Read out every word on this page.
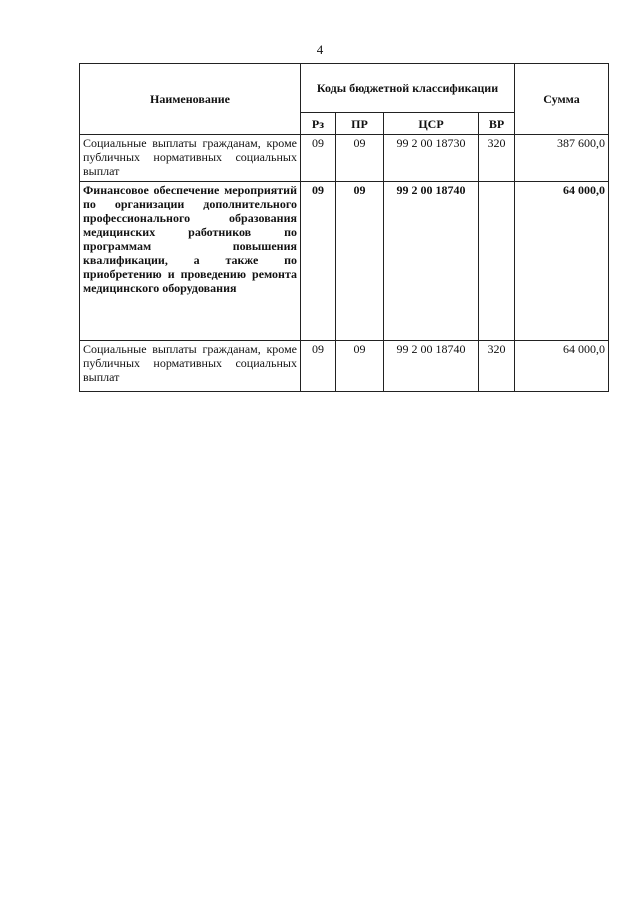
4
Наименование	Коды бюджетной классификации				Сумма
	Рз	ПР	ЦСР	ВР	
Социальные выплаты гражданам, кроме публичных нормативных социальных выплат	09	09	99 2 00 18730	320	387 600,0
Финансовое обеспечение мероприятий по организации дополнительного профессионального образования медицинских работников по программам повышения квалификации, а также по приобретению и проведению ремонта медицинского оборудования	09	09	99 2 00 18740		64 000,0
Социальные выплаты гражданам, кроме публичных нормативных социальных выплат	09	09	99 2 00 18740	320	64 000,0
